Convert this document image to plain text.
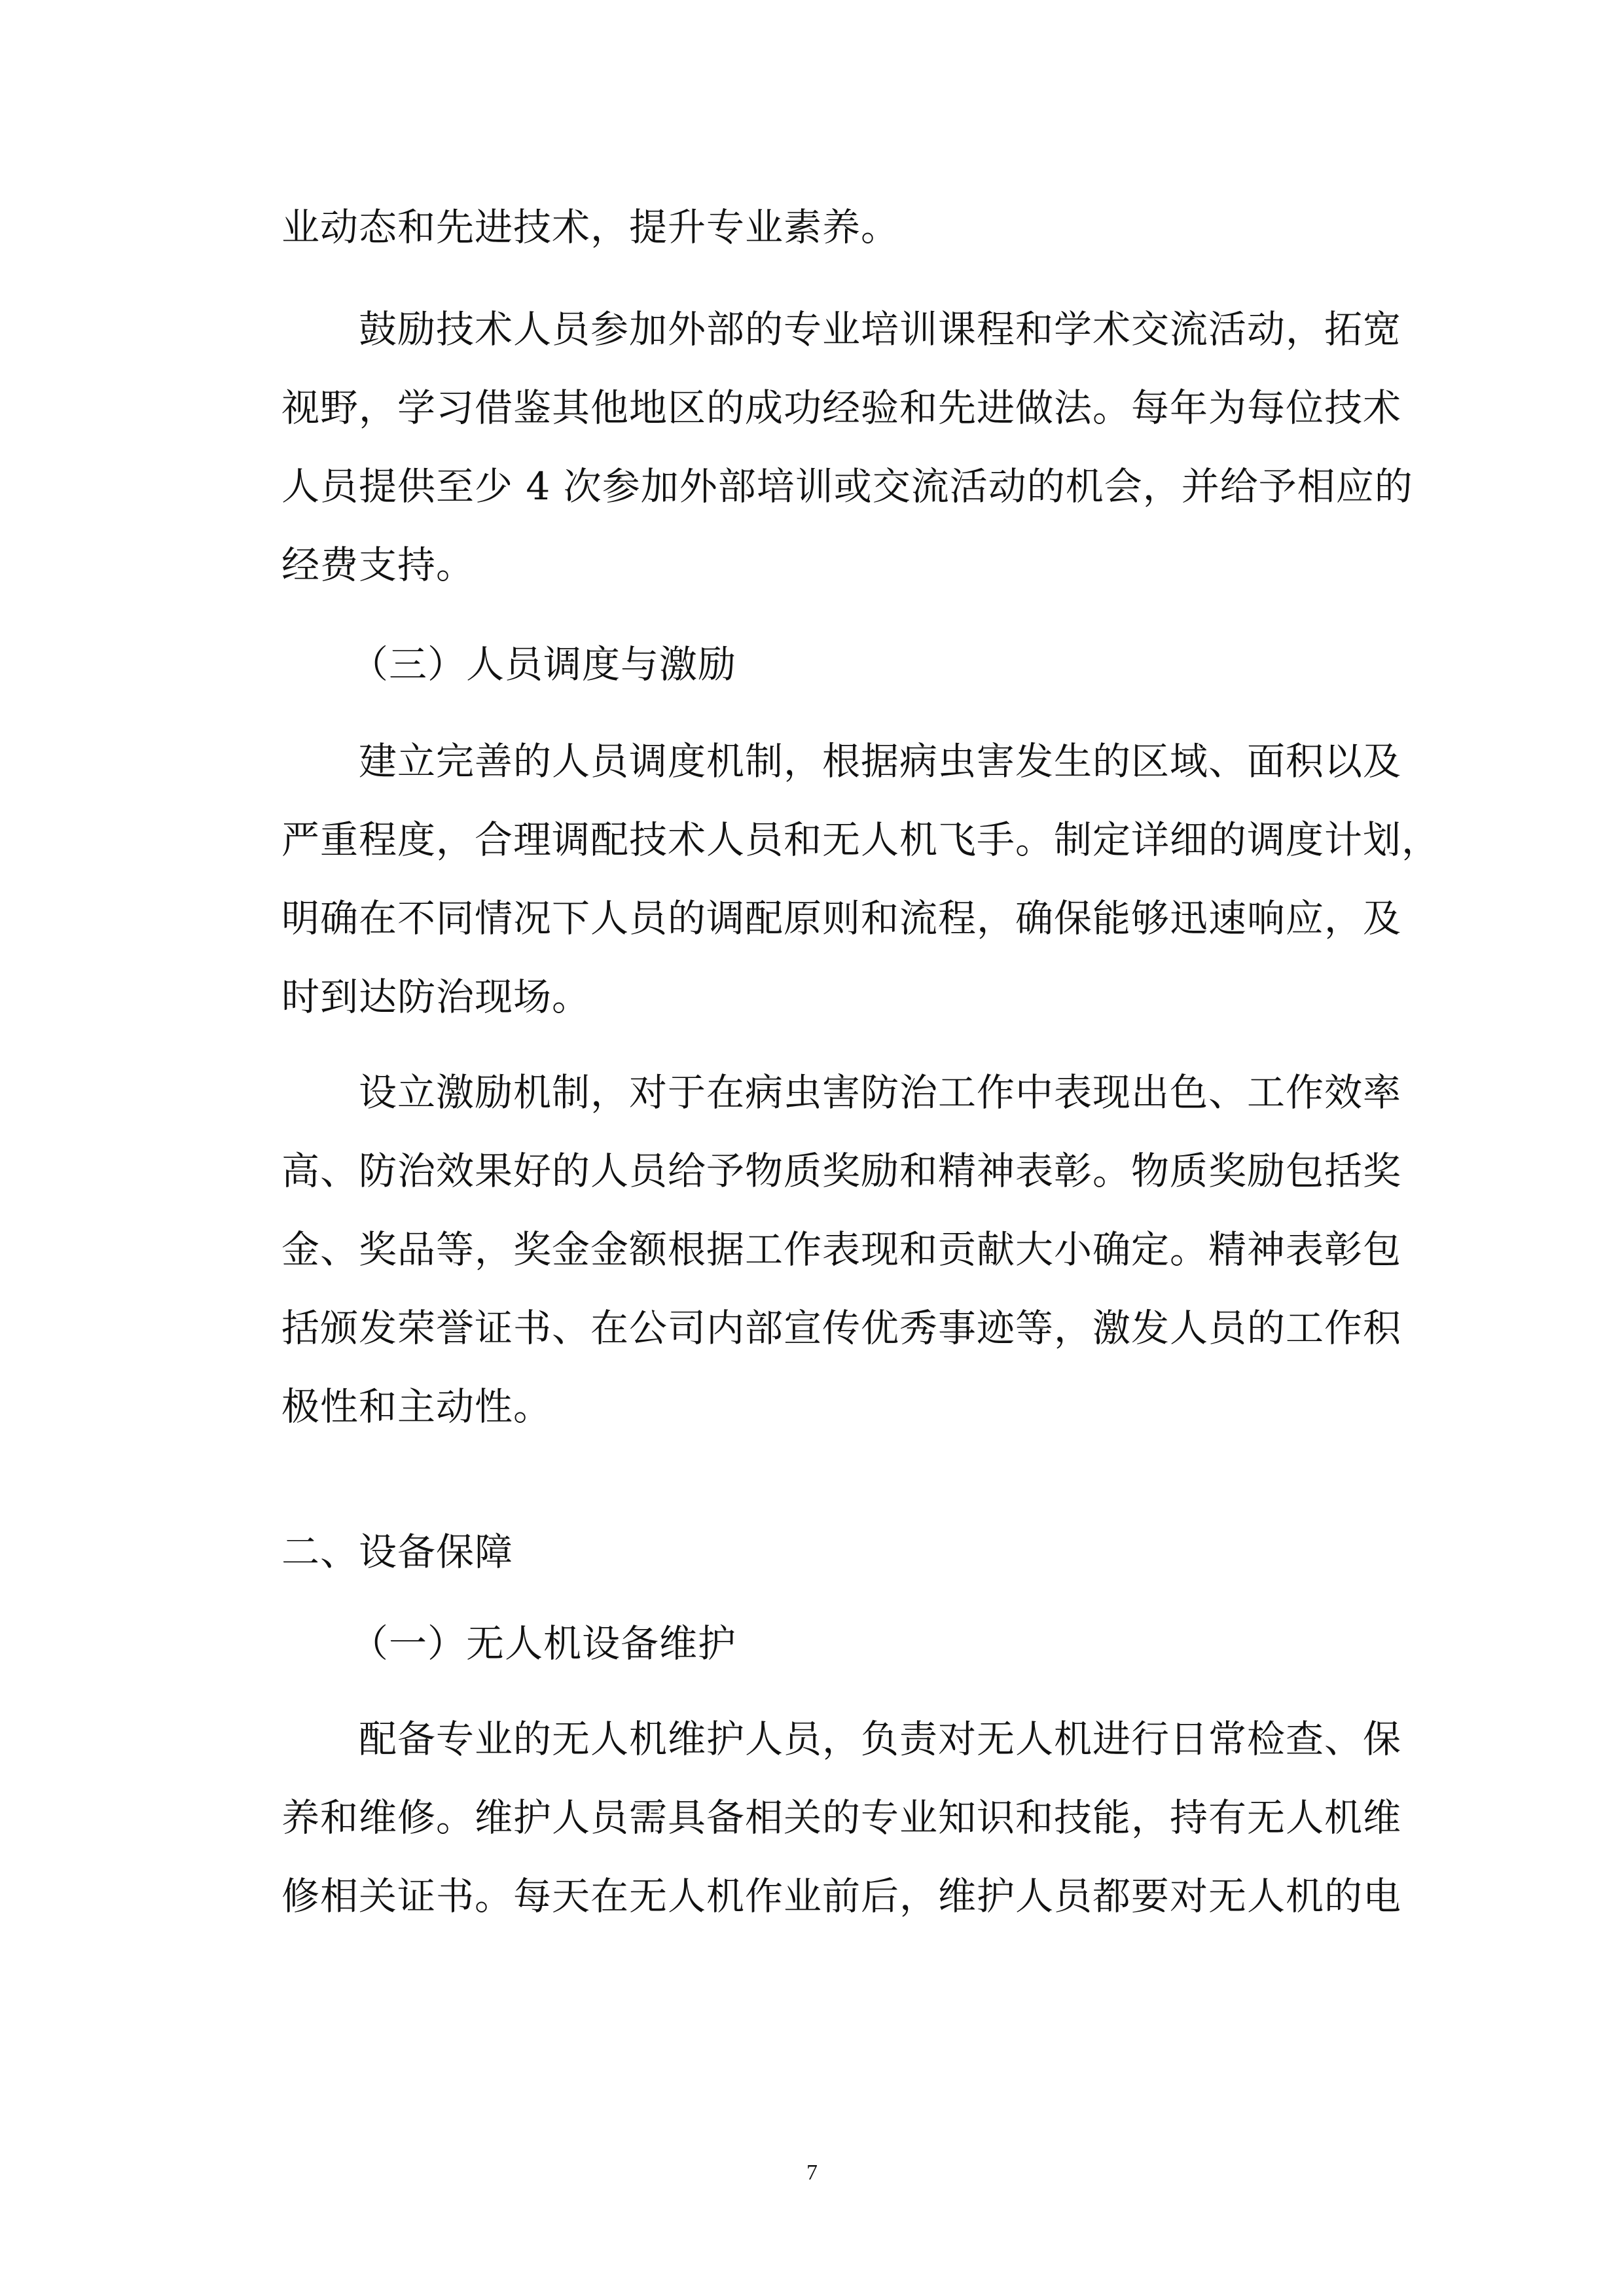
业动态和先进技术，提升专业素养。
鼓励技术人员参加外部的专业培训课程和学术交流活动，拓宽
视野，学习借鉴其他地区的成功经验和先进做法。每年为每位技术
人员提供至少 4 次参加外部培训或交流活动的机会，并给予相应的
经费支持。
（三）人员调度与激励
建立完善的人员调度机制，根据病虫害发生的区域、面积以及
严重程度，合理调配技术人员和无人机飞手。制定详细的调度计划，
明确在不同情况下人员的调配原则和流程，确保能够迅速响应，及
时到达防治现场。
设立激励机制，对于在病虫害防治工作中表现出色、工作效率
高、防治效果好的人员给予物质奖励和精神表彰。物质奖励包括奖
金、奖品等，奖金金额根据工作表现和贡献大小确定。精神表彰包
括颁发荣誉证书、在公司内部宣传优秀事迹等，激发人员的工作积
极性和主动性。
二、设备保障
（一）无人机设备维护
配备专业的无人机维护人员，负责对无人机进行日常检查、保
养和维修。维护人员需具备相关的专业知识和技能，持有无人机维
修相关证书。每天在无人机作业前后，维护人员都要对无人机的电
7
